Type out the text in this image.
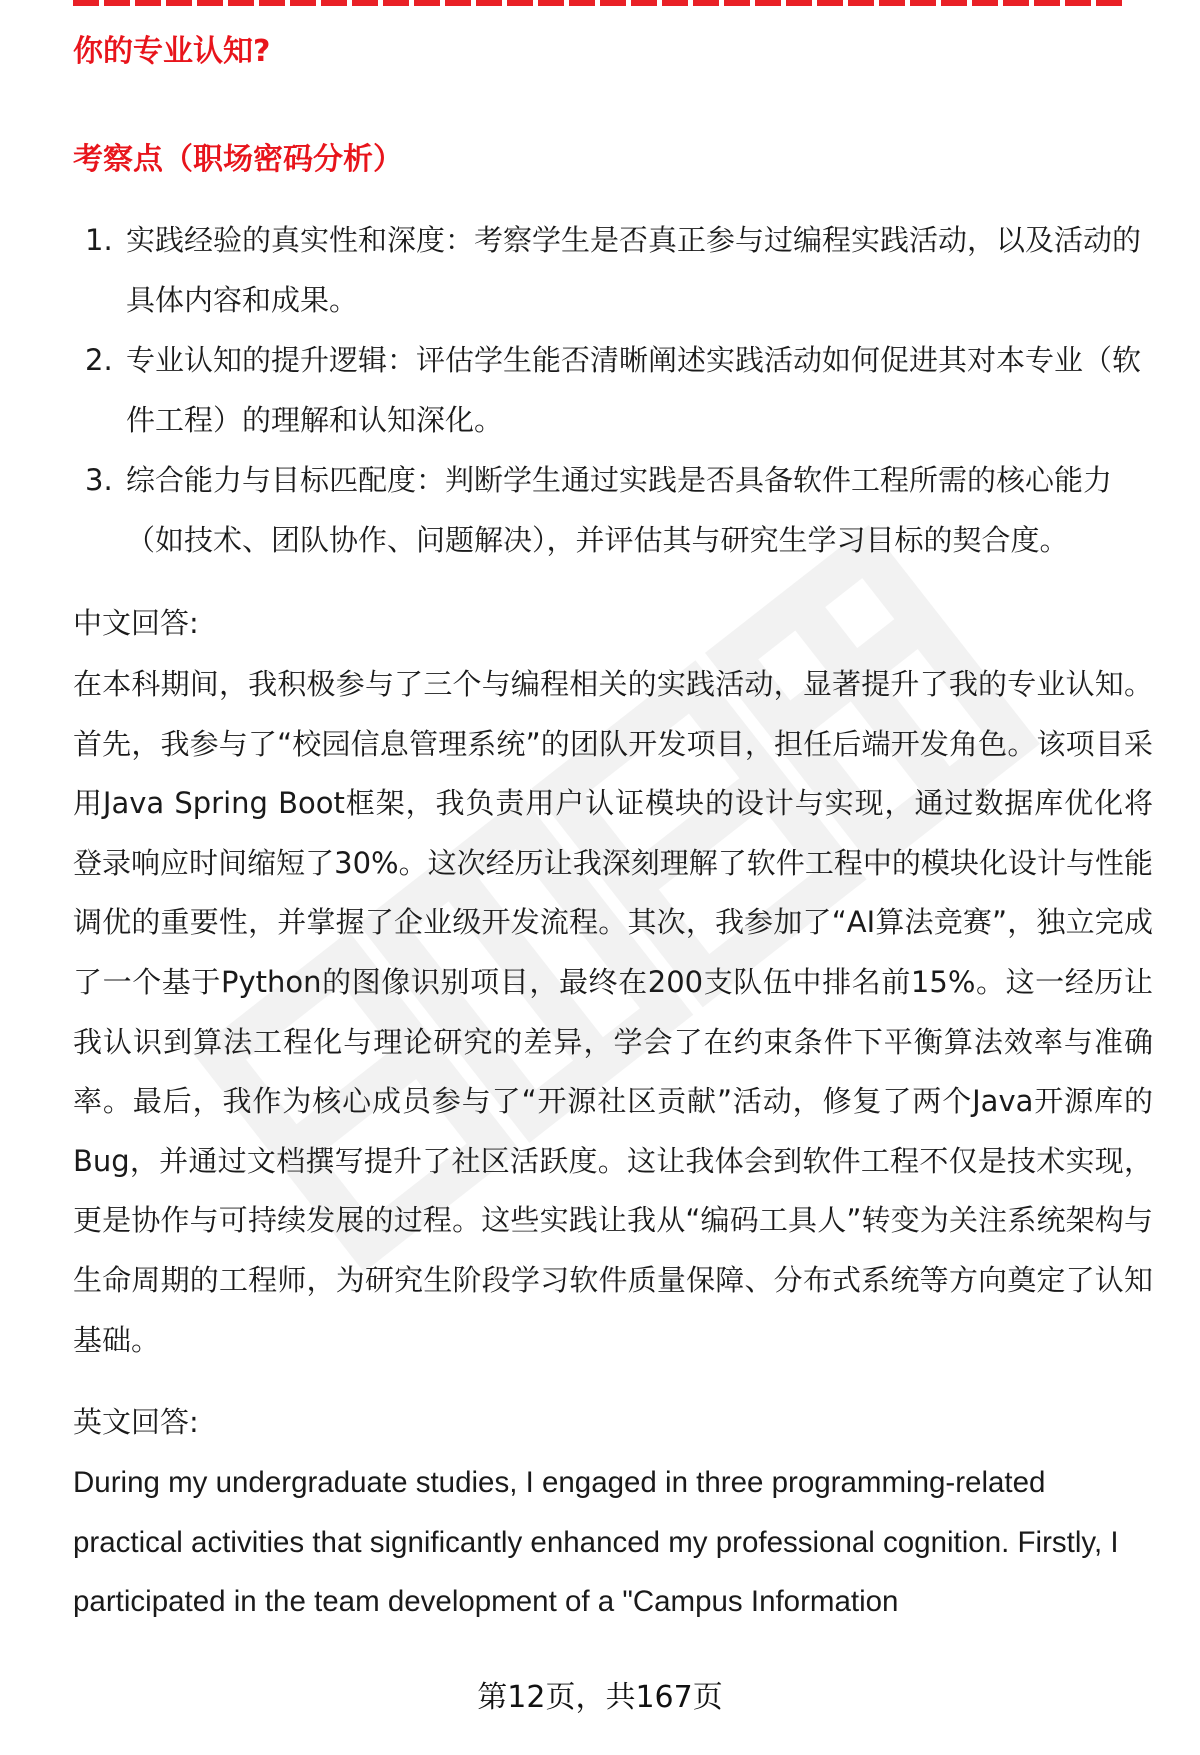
你的专业认知?
考察点（职场密码分析）
1. 实践经验的真实性和深度：考察学生是否真正参与过编程实践活动，以及活动的具体内容和成果。
2. 专业认知的提升逻辑：评估学生能否清晰阐述实践活动如何促进其对本专业（软件工程）的理解和认知深化。
3. 综合能力与目标匹配度：判断学生通过实践是否具备软件工程所需的核心能力（如技术、团队协作、问题解决），并评估其与研究生学习目标的契合度。
中文回答:
在本科期间，我积极参与了三个与编程相关的实践活动，显著提升了我的专业认知。首先，我参与了“校园信息管理系统”的团队开发项目，担任后端开发角色。该项目采用Java Spring Boot框架，我负责用户认证模块的设计与实现，通过数据库优化将登录响应时间缩短了30%。这次经历让我深刻理解了软件工程中的模块化设计与性能调优的重要性，并掌握了企业级开发流程。其次，我参加了“AI算法竞赛”，独立完成了一个基于Python的图像识别项目，最终在200支队伍中排名前15%。这一经历让我认识到算法工程化与理论研究的差异，学会了在约束条件下平衡算法效率与准确率。最后，我作为核心成员参与了“开源社区贡献”活动，修复了两个Java开源库的Bug，并通过文档撰写提升了社区活跃度。这让我体会到软件工程不仅是技术实现，更是协作与可持续发展的过程。这些实践让我从“编码工具人”转变为关注系统架构与生命周期的工程师，为研究生阶段学习软件质量保障、分布式系统等方向奠定了认知基础。
英文回答:
During my undergraduate studies, I engaged in three programming-related practical activities that significantly enhanced my professional cognition. Firstly, I participated in the team development of a "Campus Information
第12页，共167页
